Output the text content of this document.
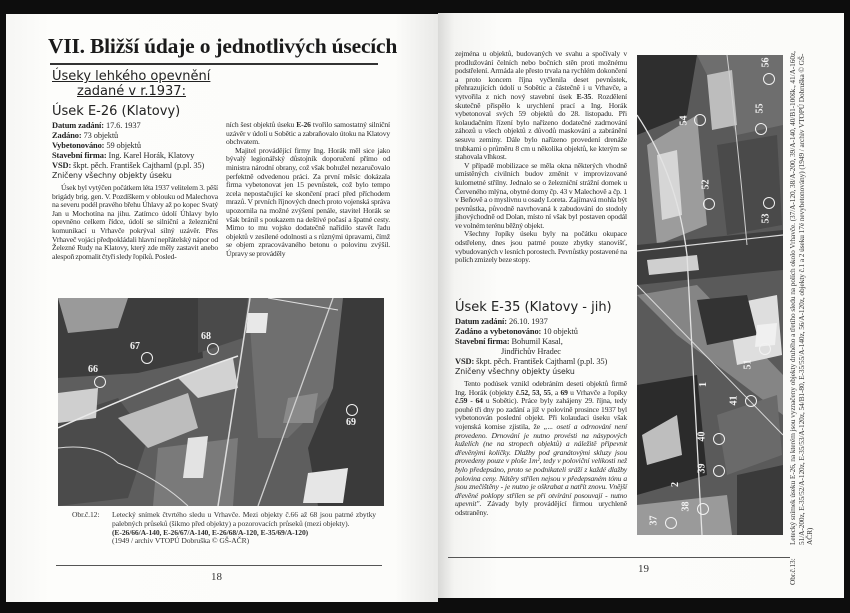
VII. Bližší údaje o jednotlivých úsecích
Úseky lehkého opevnění
zadané v r.1937:
Úsek E-26 (Klatovy)
Datum zadání: 17.6. 1937
Zadáno: 73 objektů
Vybetonováno: 59 objektů
Stavební firma: Ing. Karel Horák, Klatovy
VSD: škpt. pěch. František Cajthaml (p.pl. 35)
Zničeny všechny objekty úseku

Úsek byl vytýčen počátkem léta 1937 velitelem 3. pěší brigády brig. gen. V. Pozdíškem v oblouku od Malechova na severu podél pravého břehu Úhlavy až po kopec Svatý Jan u Mochotína na jihu. Zatímco údolí Úhlavy bylo opevněno celkem řídce, údolí se silniční a železniční komunikací u Vrhavče pokrýval silný uzávěr. Přes Vrhaveč vojáci předpokládali hlavní nepřátelský nápor od Železné Rudy na Klatovy, který zde měly zastavit anebo alespoň zpomalit čtyři sledy řopíků. Posled-

ních šest objektů úseku E-26 tvořilo samostatný silniční uzávěr v údolí u Sobětic a zabraňovalo útoku na Klatovy obchvatem.

Majitel provádějící firmy Ing. Horák měl sice jako bývalý legionářský důstojník doporučení přímo od ministra národní obrany, což však bohužel nezaručovalo perfektně odvedenou práci. Za první měsíc dokázala firma vybetonovat jen 15 pevnůstek, což bylo tempo zcela nepostačující ke skončení prací před příchodem mrazů. V prvních říjnových dnech proto vojenská správa upozornila na možné zvýšení penále, stavitel Horák se však bránil s poukazem na deštivé počasí a špatné cesty. Mimo to mu vojsko dodatečně nařídilo stavět řadu objektů v zesílené odolnosti a s různými úpravami, čímž se objem zpracovávaného betonu o polovinu zvýšil. Úpravy se prováděly

66
67
68
69
Obr.č.12: Letecký snímek čtvrtého sledu u Vrhavče. Mezi objekty č.66 až 68 jsou patrné zbytky palebných průseků (šikmo před objekty) a pozorovacích průseků (mezi objekty).
(E-26/66/A-140, E-26/67/A-140, E-26/68/A-120, E-35/69/A-120)
(1949 / archiv VTOPÚ Dobruška © GŠ-AČR)
18

zejména u objektů, budovaných ve svahu a spočívaly v prodlužování čelních nebo bočních stěn proti možnému podstřelení. Armáda ale přesto trvala na rychlém dokončení a proto koncem října vyčlenila deset pevnůstek, přehrazujících údolí u Sobětic a částečně i u Vrhavče, a vytvořila z nich nový stavební úsek E-35. Rozdělení skutečně přispělo k urychlení prací a Ing. Horák vybetonoval svých 59 objektů do 28. listopadu. Při kolaudačním řízení bylo nařízeno dodatečné zadrnování záhozů u všech objektů z důvodů maskování a zabránění sesuvu zeminy. Dále bylo nařízeno provedení drenáže trubkami o průměru 8 cm u několika objektů, ke kterým se stahovala vlhkost.

V případě mobilizace se měla okna některých vhodně umístěných civilních budov změnit v improvizované kulometné střílny. Jednalo se o železniční strážní domek u Červeného mlýna, obytné domy čp. 43 v Malechově a čp. 1 v Beňově a o myslivnu u osady Loreta. Zajímavá mohla být pevnůstka, původně navrhovaná k zabudování do stodoly jihovýchodně od Dolan, místo ní však byl postaven opodál ve volném terénu běžný objekt.

Všechny řopíky úseku byly na počátku okupace odstřeleny, dnes jsou patrné pouze zbytky stanovišť, vybudovaných v lesních porostech. Pevnůstky postavené na polích zmizely beze stopy.

Úsek E-35 (Klatovy - jih)
Datum zadání: 26.10. 1937
Zadáno a vybetonováno: 10 objektů
Stavební firma: Bohumil Kasal,
Jindřichův Hradec
VSD: škpt. pěch. František Cajthaml (p.pl. 35)
Zničeny všechny objekty úseku

Tento podúsek vznikl odebráním deseti objektů firmě Ing. Horák (objekty č.52, 53, 55, a 69 u Vrhavče a řopíky č.59 - 64 u Sobětic). Práce byly zahájeny 29. října, tedy pouhé tři dny po zadání a již v polovině prosince 1937 byl vybetonován poslední objekt. Při kolaudaci úseku však vojenská komise zjistila, že „... osetí a odrnování není provedeno. Drnování je nutno provésti na násypových kuželích (ne na stropech objektů) a náležitě připevnit dřevěnými kolíčky. Dlažby pod granátovými skluzy jsou provedeny pouze v ploše 1m², tedy v poloviční velikosti než bylo předepsáno, proto se podnikateli sráží z každé dlažby polovina ceny. Nátěry střílen nejsou v předepsaném tónu a jsou znečištěny - je nutno je oškrabat a natřít znovu. Vnější dřevěné poklopy střílen se při otvírání posouvají - nutno upevnit". Závady byly provádějící firmou urychleně odstraněny.

56
54
55
52
53
51
1
41
40
39
2
38
37
Obr.č.13:
Letecký snímek úseku E-26, na kterém jsou vyznačeny objekty druhého a třetího sledu na polích okolo Vrhavče. (37/A-120, 38/A-200, 39/A-140, 40/B1-100šk., 41/A-160z, 51/A-200z, E-35/52/A-120z, E-35/53/A-120z, 54/B1-80, E-35/55/A-140z, 56/A-120z, objekty č.1 a 2 úseku 17é nevybetonovány) (1949 / archiv VTOPÚ Dobruška © GŠ-AČR)
19
